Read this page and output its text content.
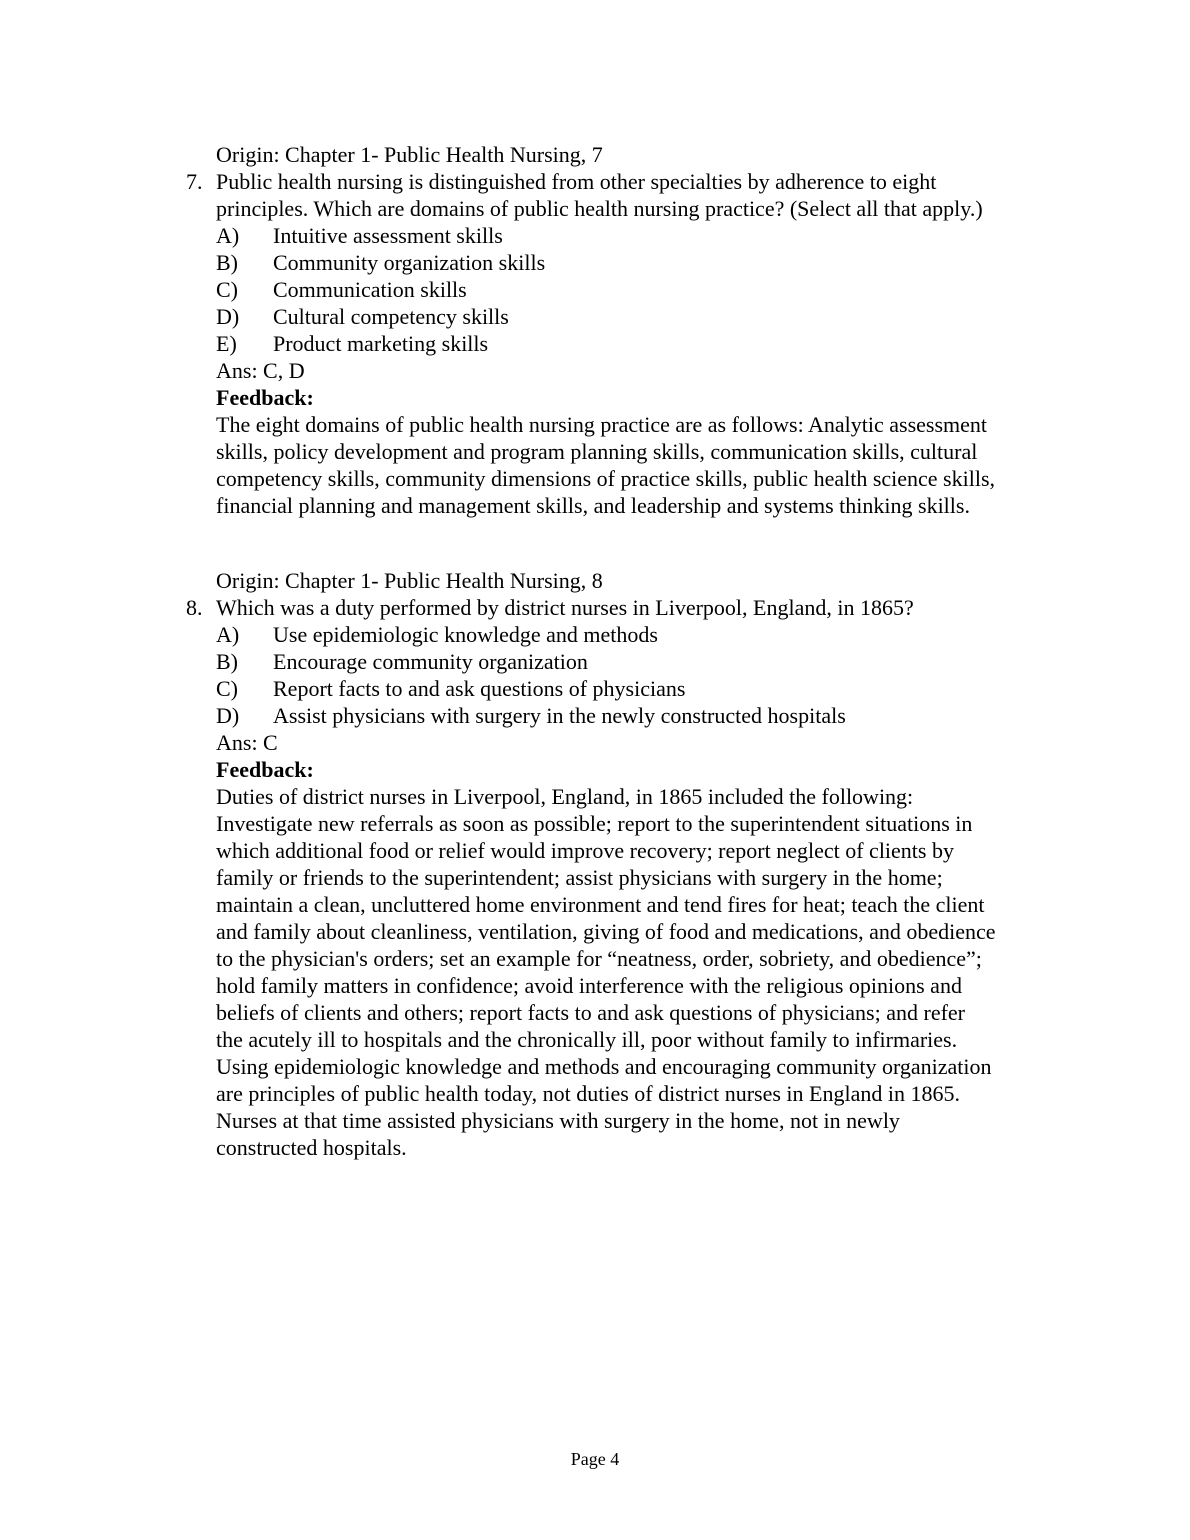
Origin: Chapter 1- Public Health Nursing, 7
7. Public health nursing is distinguished from other specialties by adherence to eight
principles. Which are domains of public health nursing practice? (Select all that apply.)
A) Intuitive assessment skills
B) Community organization skills
C) Communication skills
D) Cultural competency skills
E) Product marketing skills
Ans: C, D
Feedback:
The eight domains of public health nursing practice are as follows: Analytic assessment
skills, policy development and program planning skills, communication skills, cultural
competency skills, community dimensions of practice skills, public health science skills,
financial planning and management skills, and leadership and systems thinking skills.
Origin: Chapter 1- Public Health Nursing, 8
8. Which was a duty performed by district nurses in Liverpool, England, in 1865?
A) Use epidemiologic knowledge and methods
B) Encourage community organization
C) Report facts to and ask questions of physicians
D) Assist physicians with surgery in the newly constructed hospitals
Ans: C
Feedback:
Duties of district nurses in Liverpool, England, in 1865 included the following:
Investigate new referrals as soon as possible; report to the superintendent situations in
which additional food or relief would improve recovery; report neglect of clients by
family or friends to the superintendent; assist physicians with surgery in the home;
maintain a clean, uncluttered home environment and tend fires for heat; teach the client
and family about cleanliness, ventilation, giving of food and medications, and obedience
to the physician's orders; set an example for “neatness, order, sobriety, and obedience”;
hold family matters in confidence; avoid interference with the religious opinions and
beliefs of clients and others; report facts to and ask questions of physicians; and refer
the acutely ill to hospitals and the chronically ill, poor without family to infirmaries.
Using epidemiologic knowledge and methods and encouraging community organization
are principles of public health today, not duties of district nurses in England in 1865.
Nurses at that time assisted physicians with surgery in the home, not in newly
constructed hospitals.
Page 4
